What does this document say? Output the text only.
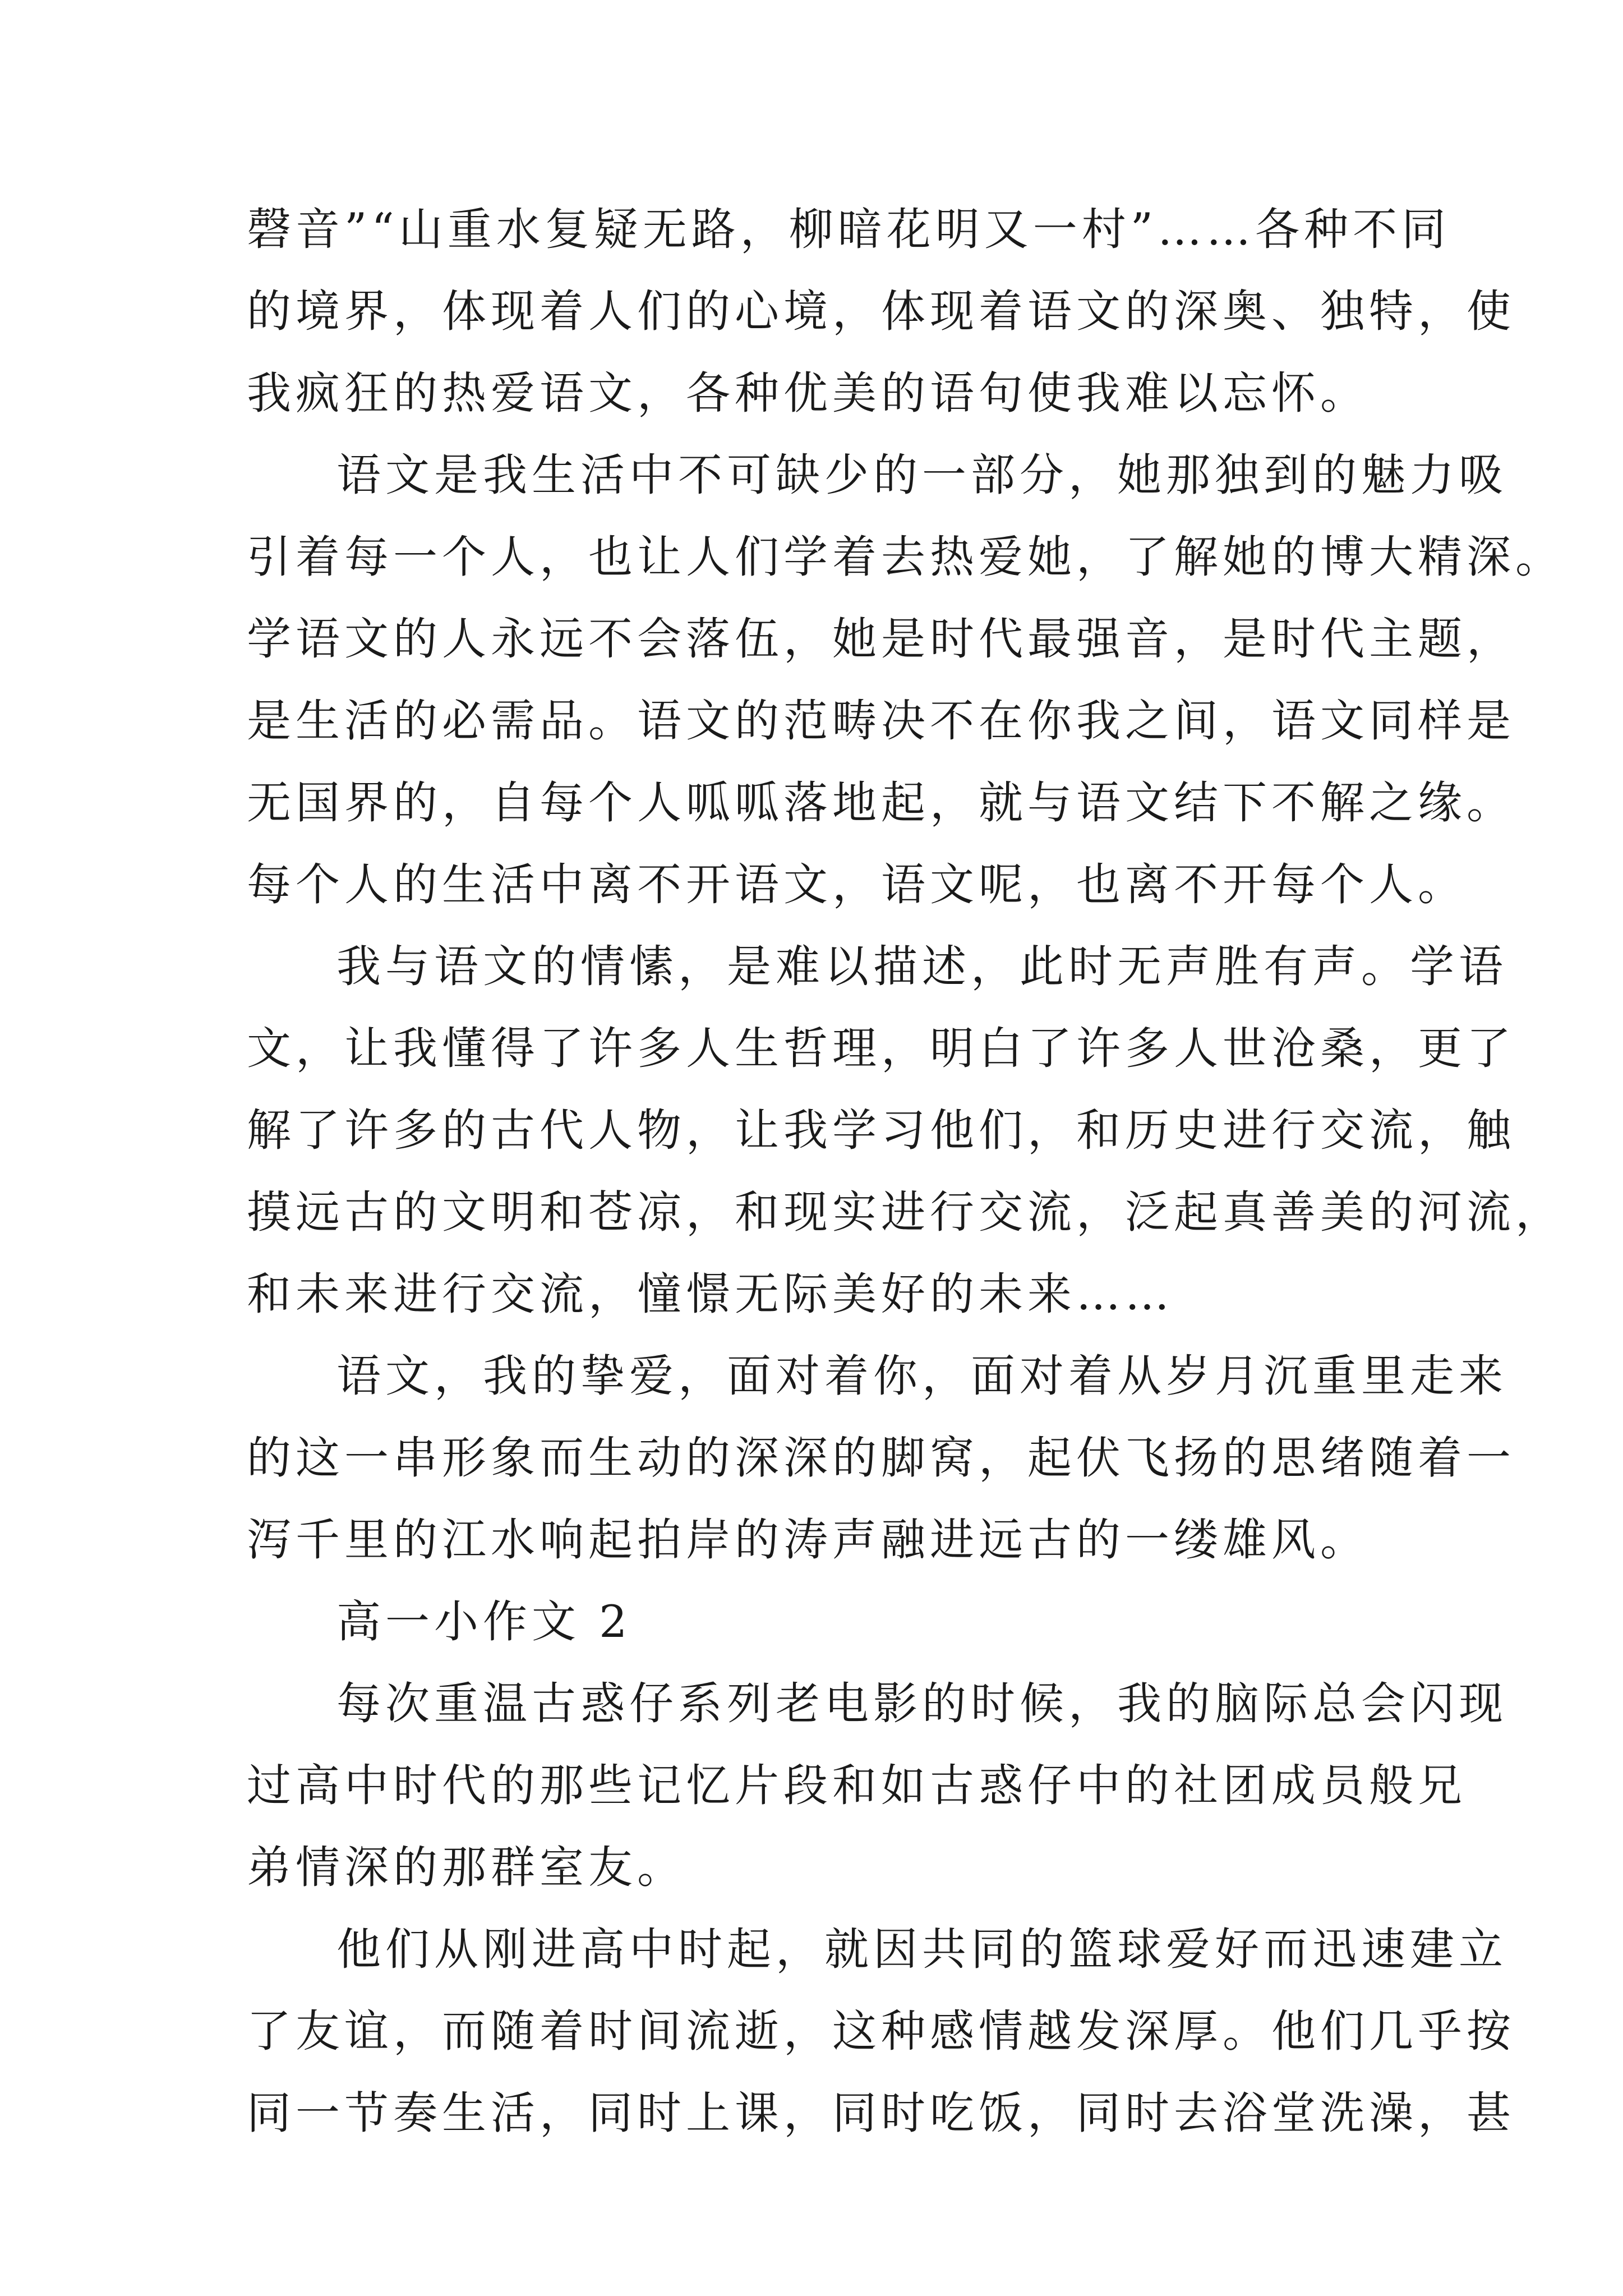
磬音”“山重水复疑无路，柳暗花明又一村”……各种不同
的境界，体现着人们的心境，体现着语文的深奥、独特，使
我疯狂的热爱语文，各种优美的语句使我难以忘怀。
语文是我生活中不可缺少的一部分，她那独到的魅力吸
引着每一个人，也让人们学着去热爱她，了解她的博大精深。
学语文的人永远不会落伍，她是时代最强音，是时代主题，
是生活的必需品。语文的范畴决不在你我之间，语文同样是
无国界的，自每个人呱呱落地起，就与语文结下不解之缘。
每个人的生活中离不开语文，语文呢，也离不开每个人。
我与语文的情愫，是难以描述，此时无声胜有声。学语
文，让我懂得了许多人生哲理，明白了许多人世沧桑，更了
解了许多的古代人物，让我学习他们，和历史进行交流，触
摸远古的文明和苍凉，和现实进行交流，泛起真善美的河流，
和未来进行交流，憧憬无际美好的未来……
语文，我的挚爱，面对着你，面对着从岁月沉重里走来
的这一串形象而生动的深深的脚窝，起伏飞扬的思绪随着一
泻千里的江水响起拍岸的涛声融进远古的一缕雄风。
高一小作文 2
每次重温古惑仔系列老电影的时候，我的脑际总会闪现
过高中时代的那些记忆片段和如古惑仔中的社团成员般兄
弟情深的那群室友。
他们从刚进高中时起，就因共同的篮球爱好而迅速建立
了友谊，而随着时间流逝，这种感情越发深厚。他们几乎按
同一节奏生活，同时上课，同时吃饭，同时去浴堂洗澡，甚
